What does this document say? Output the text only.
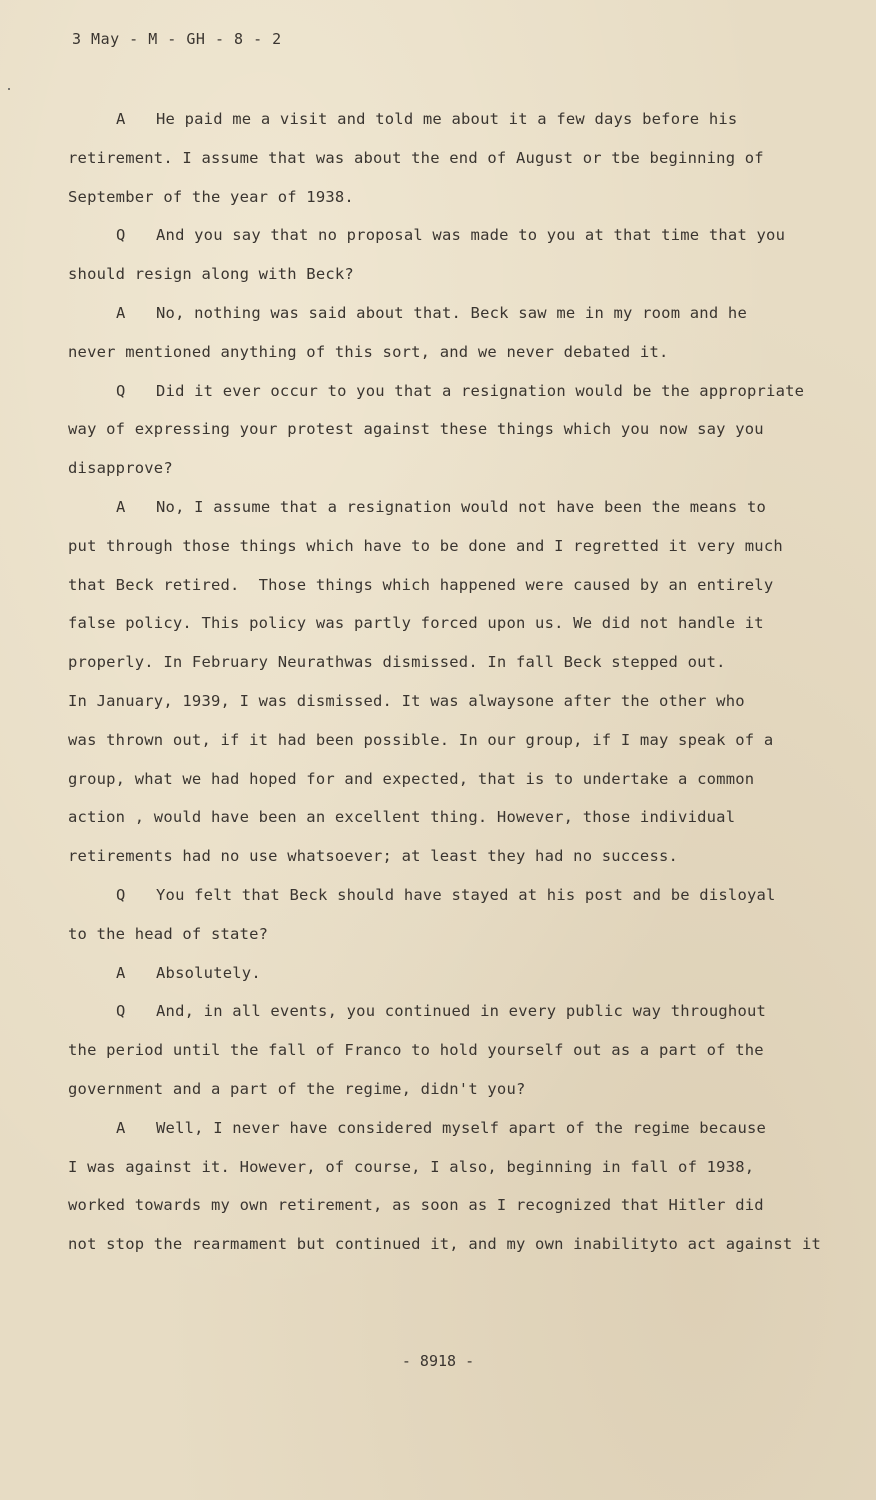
3 May - M - GH - 8 - 2
A He paid me a visit and told me about it a few days before his
retirement. I assume that was about the end of August or tbe beginning of
September of the year of 1938.
Q And you say that no proposal was made to you at that time that you
should resign along with Beck?
A No, nothing was said about that. Beck saw me in my room and he
never mentioned anything of this sort, and we never debated it.
Q Did it ever occur to you that a resignation would be the appropriate
way of expressing your protest against these things which you now say you
disapprove?
A No, I assume that a resignation would not have been the means to
put through those things which have to be done and I regretted it very much
that Beck retired.  Those things which happened were caused by an entirely
false policy. This policy was partly forced upon us. We did not handle it
properly. In February Neurathwas dismissed. In fall Beck stepped out.
In January, 1939, I was dismissed. It was alwaysone after the other who
was thrown out, if it had been possible. In our group, if I may speak of a
group, what we had hoped for and expected, that is to undertake a common
action , would have been an excellent thing. However, those individual
retirements had no use whatsoever; at least they had no success.
Q You felt that Beck should have stayed at his post and be disloyal
to the head of state?
A Absolutely.
Q And, in all events, you continued in every public way throughout
the period until the fall of Franco to hold yourself out as a part of the
government and a part of the regime, didn't you?
A Well, I never have considered myself apart of the regime because
I was against it. However, of course, I also, beginning in fall of 1938,
worked towards my own retirement, as soon as I recognized that Hitler did
not stop the rearmament but continued it, and my own inabilityto act against it
- 8918 -
